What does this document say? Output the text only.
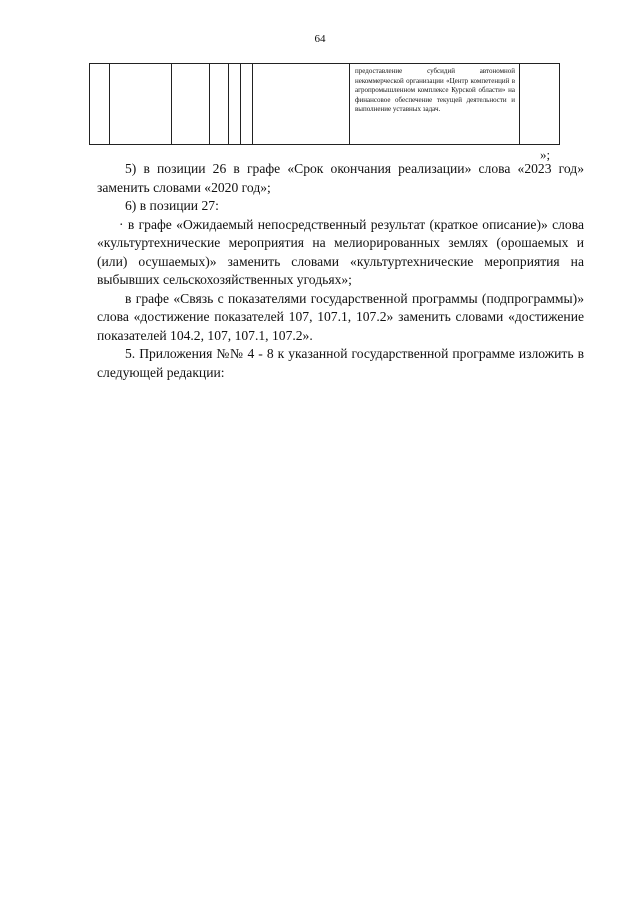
64

предоставление субсидий автономной некоммерческой организации «Центр компетенций в агропромышленном комплексе Курской области» на финансовое обеспечение текущей деятельности и выполнение уставных задач.

»;

5) в позиции 26 в графе «Срок окончания реализации» слова «2023 год» заменить словами «2020 год»;

6) в позиции 27:

· в графе «Ожидаемый непосредственный результат (краткое описание)» слова «культуртехнические мероприятия на мелиорированных землях (орошаемых и (или) осушаемых)» заменить словами «культуртехнические мероприятия на выбывших сельскохозяйственных угодьях»;

в графе «Связь с показателями государственной программы (подпрограммы)» слова «достижение показателей 107, 107.1, 107.2» заменить словами «достижение показателей 104.2, 107, 107.1, 107.2».

5. Приложения №№ 4 - 8 к указанной государственной программе изложить в следующей редакции:
